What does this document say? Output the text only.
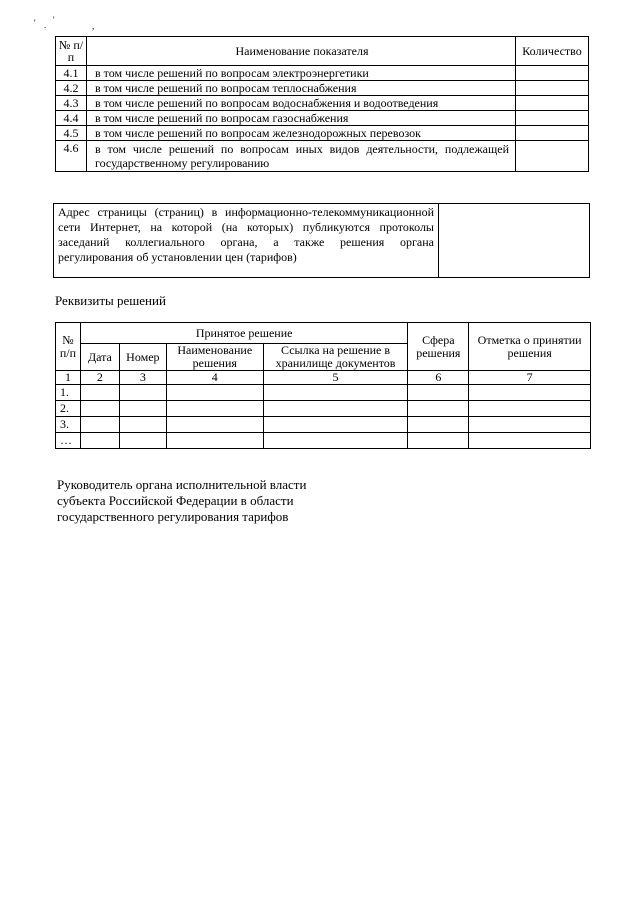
' . '
,
№ п/п	Наименование показателя	Количество
4.1	в том числе решений по вопросам электроэнергетики	
4.2	в том числе решений по вопросам теплоснабжения	
4.3	в том числе решений по вопросам водоснабжения и водоотведения	
4.4	в том числе решений по вопросам газоснабжения	
4.5	в том числе решений по вопросам железнодорожных перевозок	
4.6	в том числе решений по вопросам иных видов деятельности, подлежащей государственному регулированию	
Адрес страницы (страниц) в информационно-телекоммуникационной сети Интернет, на которой (на которых) публикуются протоколы заседаний коллегиального органа, а также решения органа регулирования об установлении цен (тарифов)	
Реквизиты решений
№ п/п	Принятое решение				Сфера решения	Отметка о принятии решения
	Дата	Номер	Наименование решения	Ссылка на решение в хранилище документов		
1	2	3	4	5	6	7
1.						
2.						
3.						
…						
Руководитель органа исполнительной власти
субъекта Российской Федерации в области
государственного регулирования тарифов
